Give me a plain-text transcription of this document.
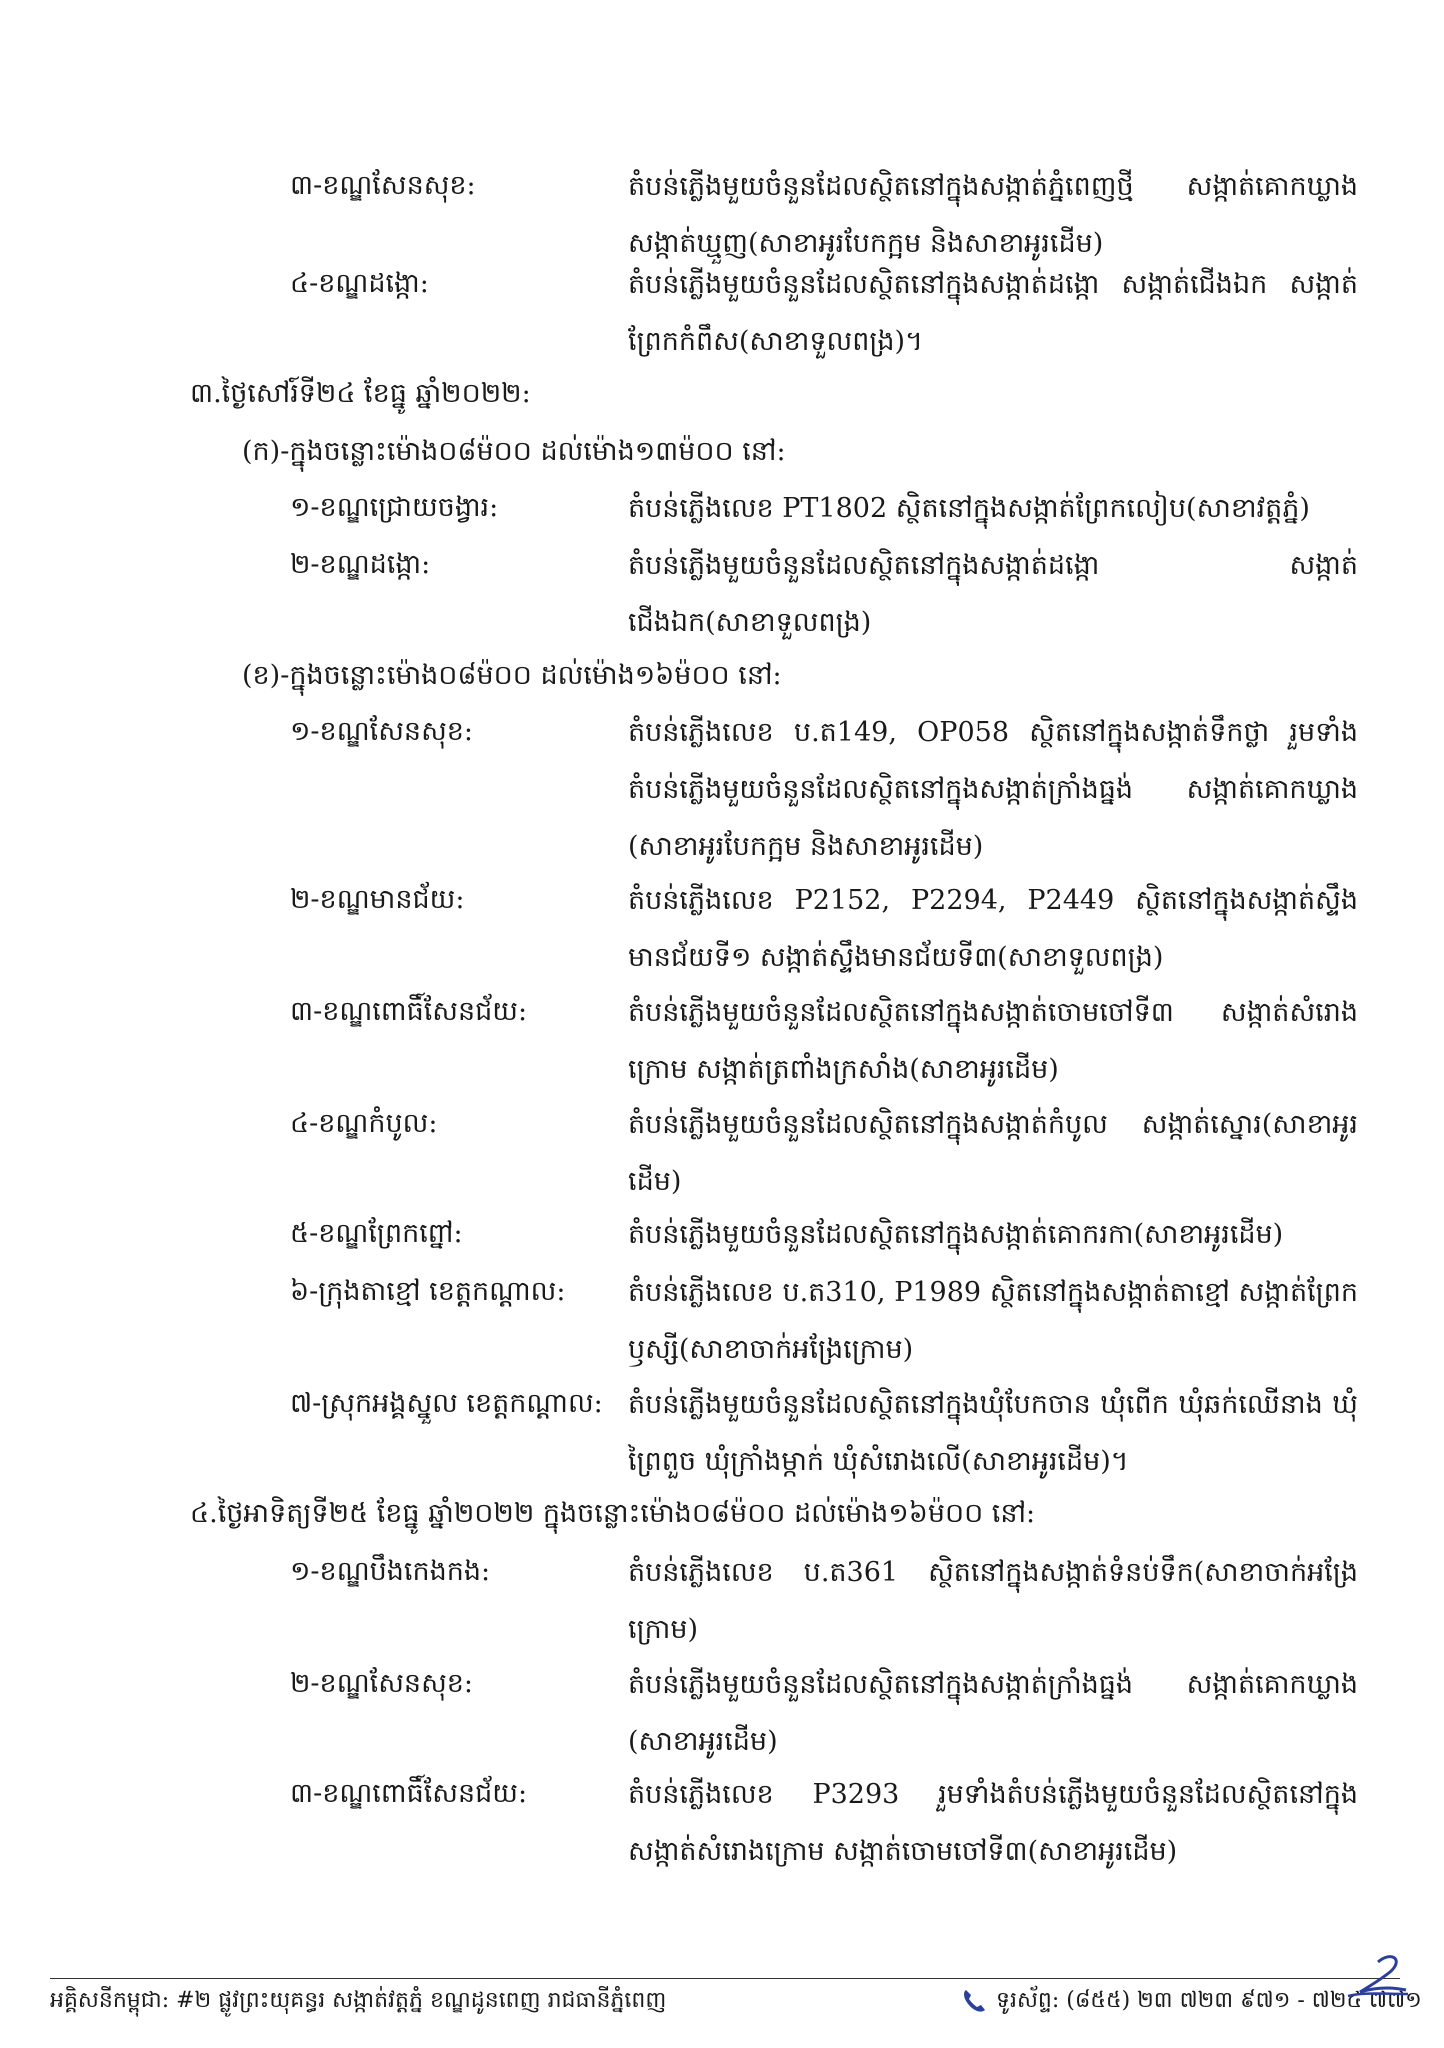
៣-ខណ្ឌសែនសុខ:	តំបន់ភ្លើងមួយចំនួនដែលស្ថិតនៅក្នុងសង្កាត់ភ្នំពេញថ្មី សង្កាត់គោកឃ្លាង សង្កាត់ឃ្មួញ(សាខាអូរបែកក្អម និងសាខាអូរដើម)
៤-ខណ្ឌដង្កោ:	តំបន់ភ្លើងមួយចំនួនដែលស្ថិតនៅក្នុងសង្កាត់ដង្កោ សង្កាត់ជើងឯក សង្កាត់ព្រែកកំពឹស(សាខាទួលពង្រ)។
៣.ថ្ងៃសៅរ៍ទី២៤ ខែធ្នូ ឆ្នាំ២០២២:
(ក)-ក្នុងចន្លោះម៉ោង០៨ម៉០០ ដល់ម៉ោង១៣ម៉០០ នៅ:
១-ខណ្ឌជ្រោយចង្វារ:	តំបន់ភ្លើងលេខ PT1802 ស្ថិតនៅក្នុងសង្កាត់ព្រែកលៀប(សាខាវត្តភ្នំ)
២-ខណ្ឌដង្កោ:	តំបន់ភ្លើងមួយចំនួនដែលស្ថិតនៅក្នុងសង្កាត់ដង្កោ សង្កាត់ជើងឯក(សាខាទួលពង្រ)
(ខ)-ក្នុងចន្លោះម៉ោង០៨ម៉០០ ដល់ម៉ោង១៦ម៉០០ នៅ:
១-ខណ្ឌសែនសុខ:	តំបន់ភ្លើងលេខ ប.ត149, OP058 ស្ថិតនៅក្នុងសង្កាត់ទឹកថ្លា រួមទាំងតំបន់ភ្លើងមួយចំនួនដែលស្ថិតនៅក្នុងសង្កាត់ក្រាំងធ្នង់ សង្កាត់គោកឃ្លាង (សាខាអូរបែកក្អម និងសាខាអូរដើម)
២-ខណ្ឌមានជ័យ:	តំបន់ភ្លើងលេខ P2152, P2294, P2449 ស្ថិតនៅក្នុងសង្កាត់ស្ទឹងមានជ័យទី១ សង្កាត់ស្ទឹងមានជ័យទី៣(សាខាទួលពង្រ)
៣-ខណ្ឌពោធិ៍សែនជ័យ:	តំបន់ភ្លើងមួយចំនួនដែលស្ថិតនៅក្នុងសង្កាត់ចោមចៅទី៣ សង្កាត់សំរោងក្រោម សង្កាត់ត្រពាំងក្រសាំង(សាខាអូរដើម)
៤-ខណ្ឌកំបូល:	តំបន់ភ្លើងមួយចំនួនដែលស្ថិតនៅក្នុងសង្កាត់កំបូល សង្កាត់ស្នោរ(សាខាអូរដើម)
៥-ខណ្ឌព្រែកព្នៅ:	តំបន់ភ្លើងមួយចំនួនដែលស្ថិតនៅក្នុងសង្កាត់គោករកា(សាខាអូរដើម)
៦-ក្រុងតាខ្មៅ ខេត្តកណ្តាល: តំបន់ភ្លើងលេខ ប.ត310, P1989 ស្ថិតនៅក្នុងសង្កាត់តាខ្មៅ សង្កាត់ព្រែកឫស្សី(សាខាចាក់អង្រែក្រោម)
៧-ស្រុកអង្គស្នួល ខេត្តកណ្តាល: តំបន់ភ្លើងមួយចំនួនដែលស្ថិតនៅក្នុងឃុំបែកចាន ឃុំពើក ឃុំឆក់ឈើនាង ឃុំព្រៃពួច ឃុំក្រាំងម្កាក់ ឃុំសំរោងលើ(សាខាអូរដើម)។
៤.ថ្ងៃអាទិត្យទី២៥ ខែធ្នូ ឆ្នាំ២០២២ ក្នុងចន្លោះម៉ោង០៨ម៉០០ ដល់ម៉ោង១៦ម៉០០ នៅ:
១-ខណ្ឌបឹងកេងកង:	តំបន់ភ្លើងលេខ ប.ត361 ស្ថិតនៅក្នុងសង្កាត់ទំនប់ទឹក(សាខាចាក់អង្រែក្រោម)
២-ខណ្ឌសែនសុខ:	តំបន់ភ្លើងមួយចំនួនដែលស្ថិតនៅក្នុងសង្កាត់ក្រាំងធ្នង់ សង្កាត់គោកឃ្លាង (សាខាអូរដើម)
៣-ខណ្ឌពោធិ៍សែនជ័យ:	តំបន់ភ្លើងលេខ P3293 រួមទាំងតំបន់ភ្លើងមួយចំនួនដែលស្ថិតនៅក្នុងសង្កាត់សំរោងក្រោម សង្កាត់ចោមចៅទី៣(សាខាអូរដើម)
អគ្គិសនីកម្ពុជា: #២ ផ្លូវព្រះយុគន្ធរ សង្កាត់វត្តភ្នំ ខណ្ឌដូនពេញ រាជធានីភ្នំពេញ	ទូរស័ព្ទ: (៨៥៥) ២៣ ៧២៣ ៩៧១ - ៧២៤ ៧៧១
